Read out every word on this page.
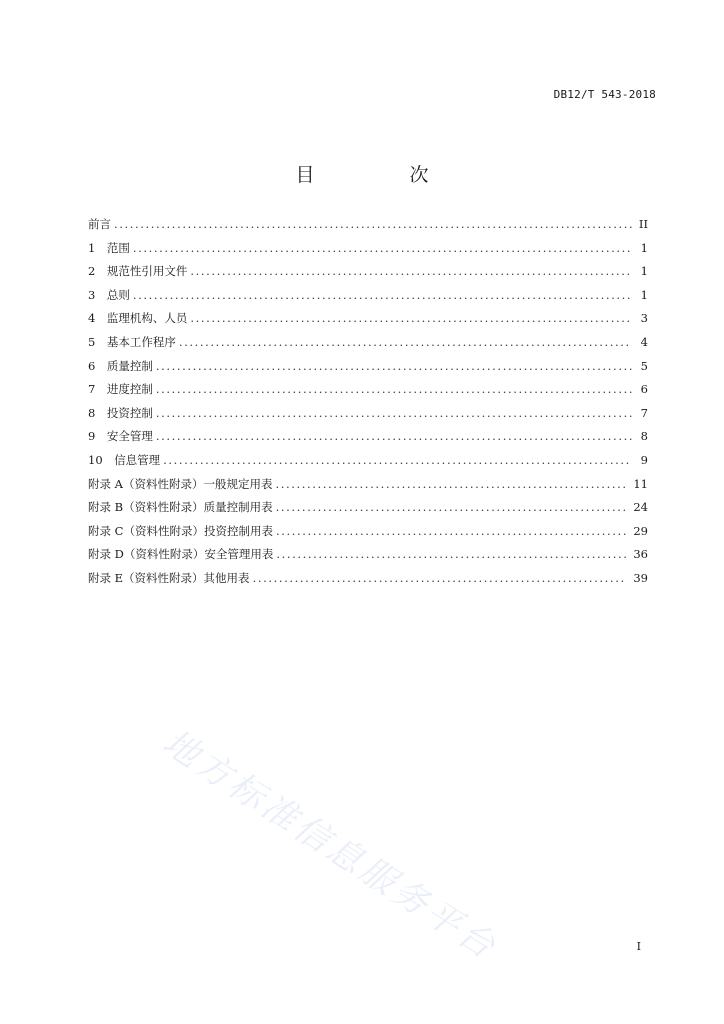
DB12/T 543-2018
目　次
前言 .....	II
1　范围 .....	1
2　规范性引用文件 .....	1
3　总则 .....	1
4　监理机构、人员 .....	3
5　基本工作程序 .....	4
6　质量控制 .....	5
7　进度控制 .....	6
8　投资控制 .....	7
9　安全管理 .....	8
10　信息管理 .....	9
附录 A（资料性附录）一般规定用表 .....	11
附录 B（资料性附录）质量控制用表 .....	24
附录 C（资料性附录）投资控制用表 .....	29
附录 D（资料性附录）安全管理用表 .....	36
附录 E（资料性附录）其他用表 .....	39
地方标准信息服务平台	I
